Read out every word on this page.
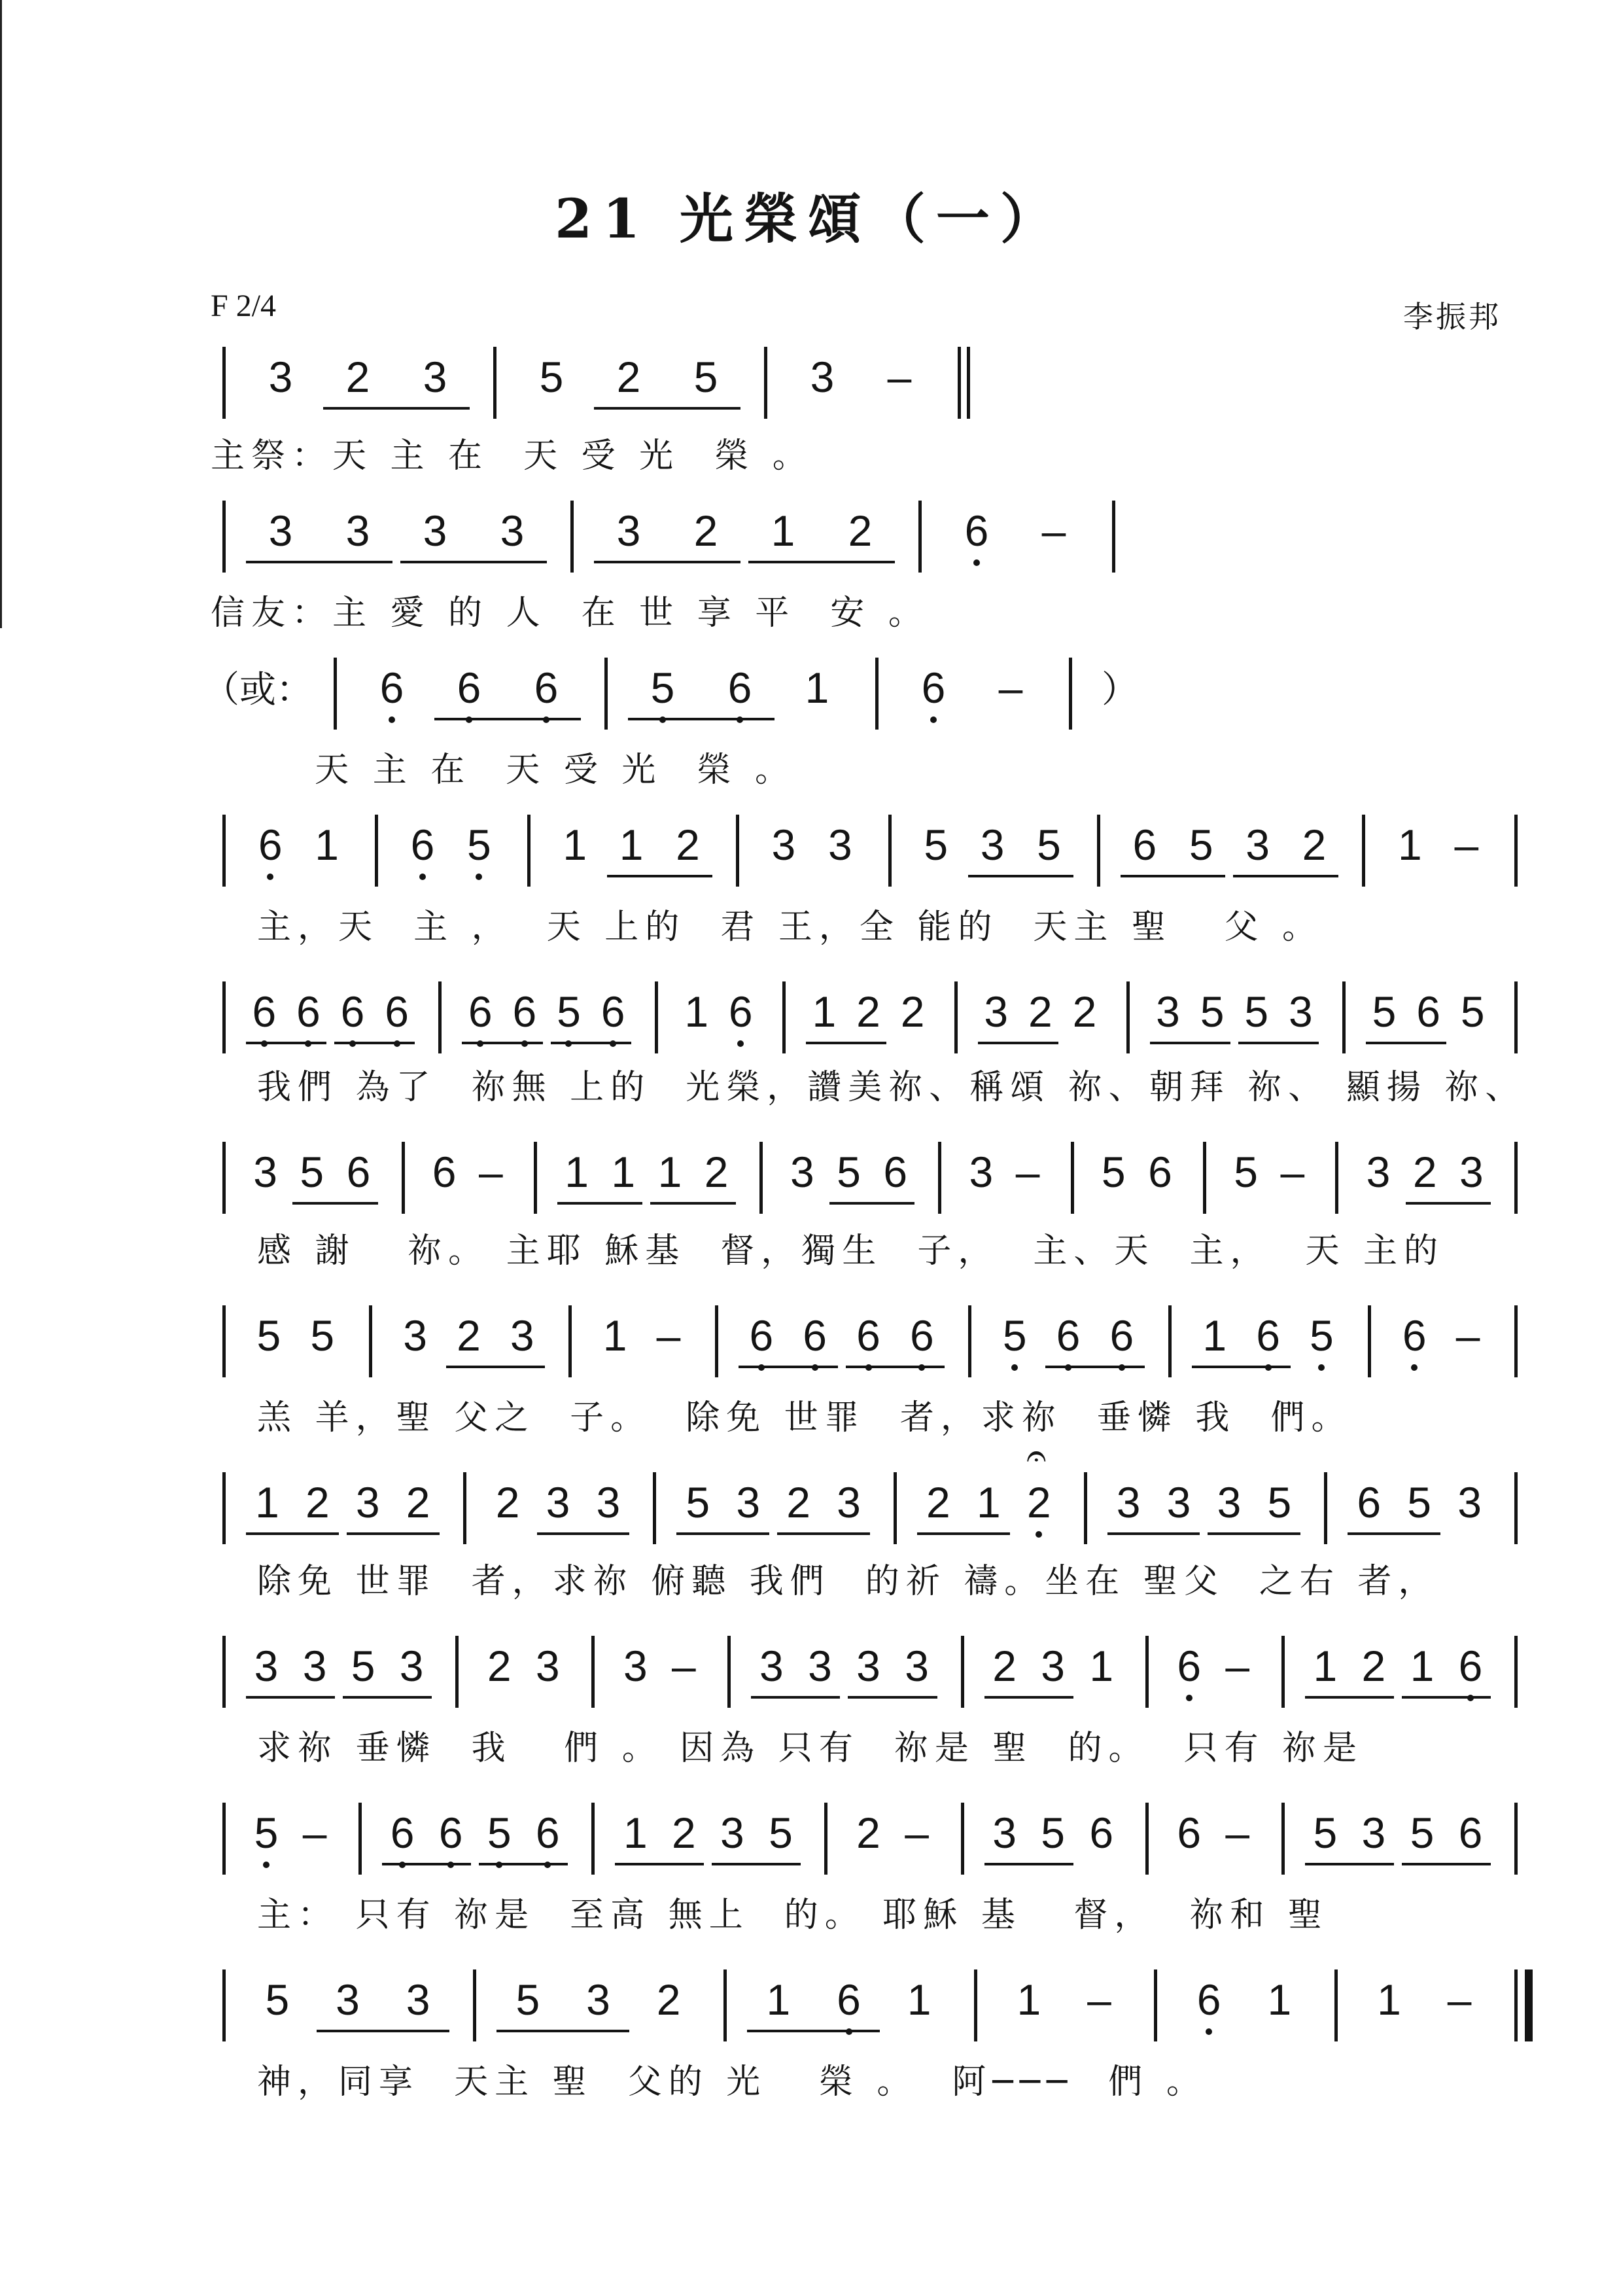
21 光榮頌（一）
F 2/4	李振邦
3 2 3 5 2 5 3 –
主祭：天 主 在  天 受 光  榮 。
3 3 3 3 3 2 1 2 6 –
信友：主 愛 的 人  在 世 享 平  安 。
（或： 6 6 6 5 6 1 6 – ）
天 主 在  天 受 光  榮 。
6 1 6 5 1 1 2 3 3 5 3 5 6 5 3 2 1 –
主，天  主 ，  天 上的  君 王，全 能的  天主 聖   父 。
6 6 6 6 6 6 5 6 1 6 1 2 2 3 2 2 3 5 5 3 5 6 5
我們 為了  祢無 上的  光榮，讚美祢、稱頌 祢、朝拜 祢、 顯揚 祢、
3 5 6 6 – 1 1 1 2 3 5 6 3 – 5 6 5 – 3 2 3
感 謝   祢。 主耶 穌基  督，獨生  子，  主、天  主，  天 主的
5 5 3 2 3 1 – 6 6 6 6 5 6 6 1 6 5 6 –
羔 羊，聖 父之  子。  除免 世罪  者，求祢  垂憐 我  們。
1 2 3 2 2 3 3 5 3 2 3 2 1 2
𝄐
3 3 3 5 6 5 3
除免 世罪  者，求祢 俯聽 我們  的祈 禱。坐在 聖父  之右 者，
3 3 5 3 2 3 3 – 3 3 3 3 2 3 1 6 – 1 2 1 6
求祢 垂憐  我   們 。 因為 只有  祢是 聖  的。  只有 祢是
5 – 6 6 5 6 1 2 3 5 2 – 3 5 6 6 – 5 3 5 6
主： 只有 祢是  至高 無上  的。 耶穌 基   督，  祢和 聖
5 3 3 5 3 2 1 6 1 1 – 6 1 1 –
神，同享  天主 聖  父的 光   榮 。  阿───  們 。
